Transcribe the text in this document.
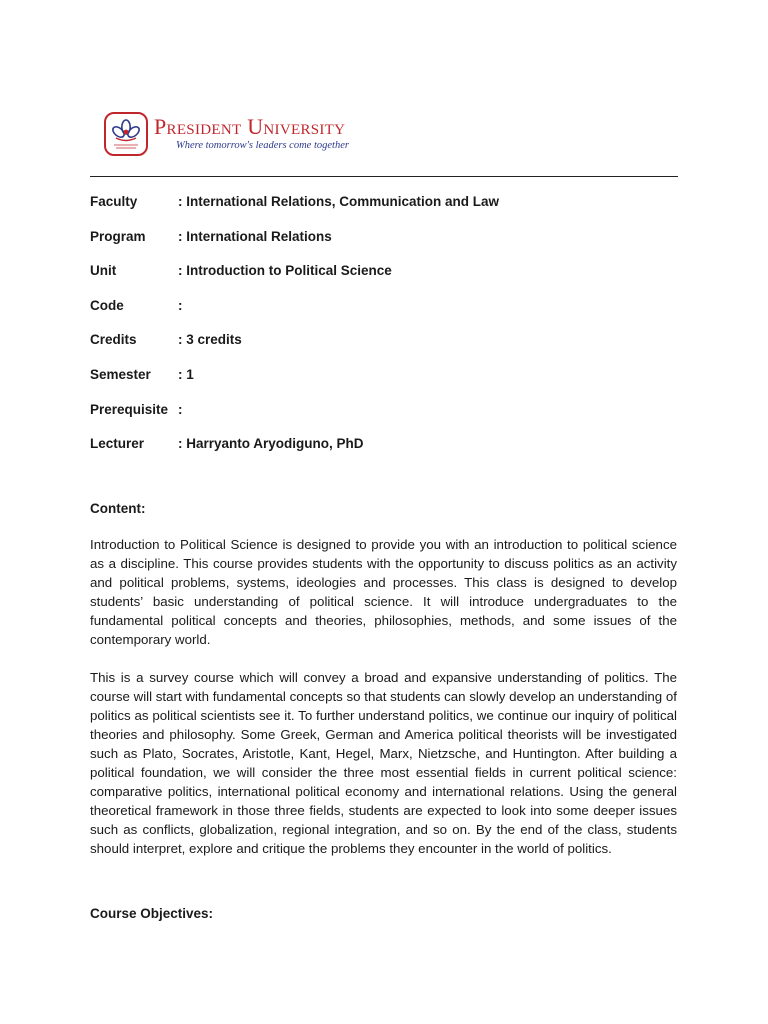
President University
Where tomorrow's leaders come together
Faculty	: International Relations, Communication and Law
Program : International Relations
Unit	: Introduction to Political Science
Code	:
Credits	: 3 credits
Semester : 1
Prerequisite :
Lecturer	: Harryanto Aryodiguno, PhD
Content:

Introduction to Political Science is designed to provide you with an introduction to political science as a discipline. This course provides students with the opportunity to discuss politics as an activity and political problems, systems, ideologies and processes. This class is designed to develop students’ basic understanding of political science. It will introduce undergraduates to the fundamental political concepts and theories, philosophies, methods, and some issues of the contemporary world.

This is a survey course which will convey a broad and expansive understanding of politics. The course will start with fundamental concepts so that students can slowly develop an understanding of politics as political scientists see it. To further understand politics, we continue our inquiry of political theories and philosophy. Some Greek, German and America political theorists will be investigated such as Plato, Socrates, Aristotle, Kant, Hegel, Marx, Nietzsche, and Huntington. After building a political foundation, we will consider the three most essential fields in current political science: comparative politics, international political economy and international relations. Using the general theoretical framework in those three fields, students are expected to look into some deeper issues such as conflicts, globalization, regional integration, and so on. By the end of the class, students should interpret, explore and critique the problems they encounter in the world of politics.

Course Objectives:
